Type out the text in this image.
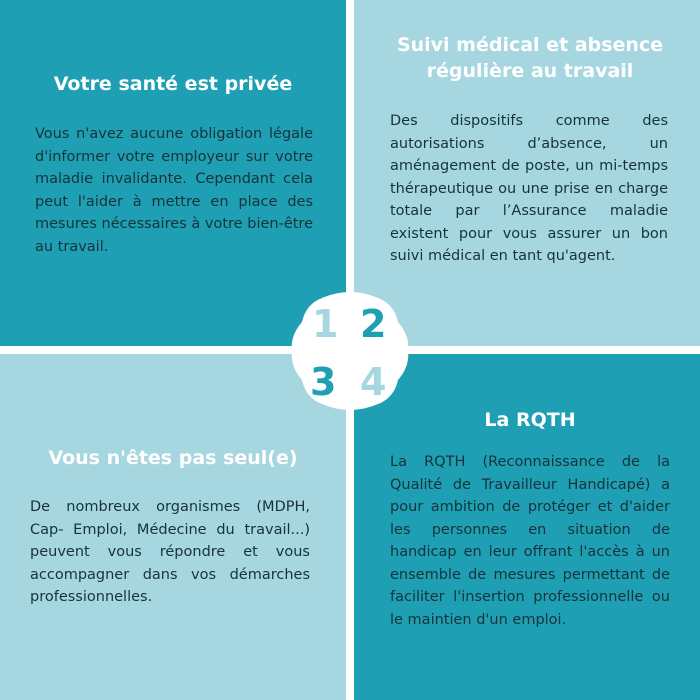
Votre santé est privée

Vous n'avez aucune obligation légale d'informer votre employeur sur votre maladie invalidante. Cependant cela peut l'aider à mettre en place des mesures nécessaires à votre bien-être au travail.

Suivi médical et absence régulière au travail

Des dispositifs comme des autorisations d’absence, un aménagement de poste, un mi-temps thérapeutique ou une prise en charge totale par l’Assurance maladie existent pour vous assurer un bon suivi médical en tant qu'agent.

Vous n'êtes pas seul(e)

De nombreux organismes (MDPH, Cap- Emploi, Médecine du travail...) peuvent vous répondre et vous accompagner dans vos démarches professionnelles.

La RQTH

La RQTH (Reconnaissance de la Qualité de Travailleur Handicapé) a pour ambition de protéger et d'aider les personnes en situation de handicap en leur offrant l'accès à un ensemble de mesures permettant de faciliter l'insertion professionnelle ou le maintien d'un emploi.

1 2
3 4
